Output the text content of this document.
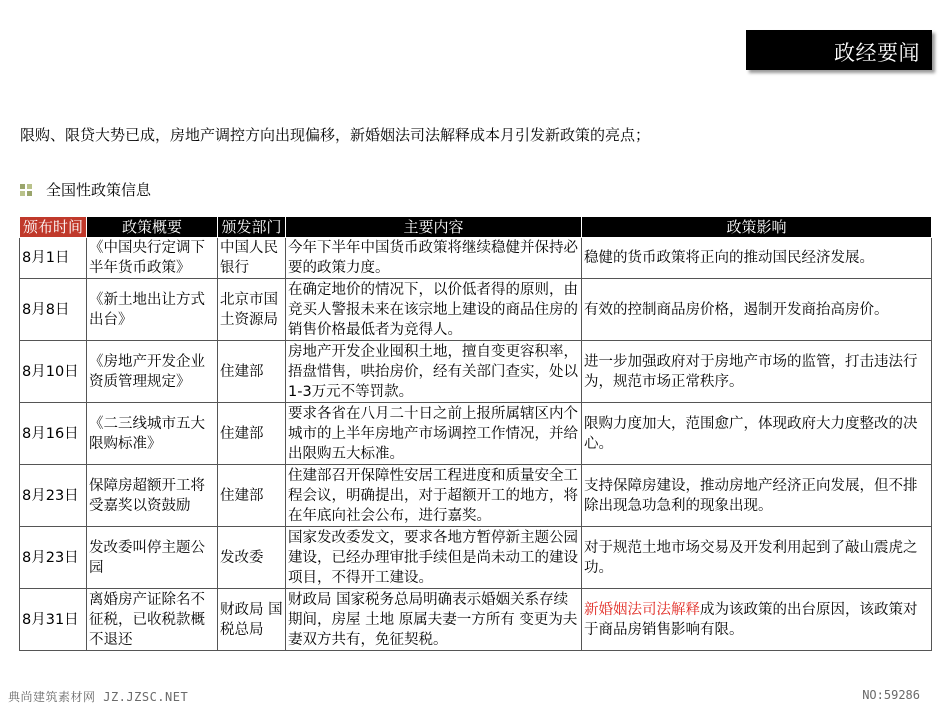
政经要闻
限购、限贷大势已成，房地产调控方向出现偏移，新婚姻法司法解释成本月引发新政策的亮点；
全国性政策信息
颁布时间	政策概要	颁发部门	主要内容	政策影响
8月1日	《中国央行定调下半年货币政策》	中国人民银行	今年下半年中国货币政策将继续稳健并保持必要的政策力度。	稳健的货币政策将正向的推动国民经济发展。
8月8日	《新土地出让方式出台》	北京市国土资源局	在确定地价的情况下，以价低者得的原则，由竞买人警报未来在该宗地上建设的商品住房的销售价格最低者为竞得人。	有效的控制商品房价格，遏制开发商抬高房价。
8月10日	《房地产开发企业资质管理规定》	住建部	房地产开发企业囤积土地，擅自变更容积率，捂盘惜售，哄抬房价，经有关部门查实，处以1-3万元不等罚款。	进一步加强政府对于房地产市场的监管，打击违法行为，规范市场正常秩序。
8月16日	《二三线城市五大限购标准》	住建部	要求各省在八月二十日之前上报所属辖区内个城市的上半年房地产市场调控工作情况，并给出限购五大标准。	限购力度加大，范围愈广，体现政府大力度整改的决心。
8月23日	保障房超额开工将受嘉奖以资鼓励	住建部	住建部召开保障性安居工程进度和质量安全工程会议，明确提出，对于超额开工的地方，将在年底向社会公布，进行嘉奖。	支持保障房建设，推动房地产经济正向发展，但不排除出现急功急利的现象出现。
8月23日	发改委叫停主题公园	发改委	国家发改委发文，要求各地方暂停新主题公园建设，已经办理审批手续但是尚未动工的建设项目，不得开工建设。	对于规范土地市场交易及开发利用起到了敲山震虎之功。
8月31日	离婚房产证除名不征税，已收税款概不退还	财政局 国税总局	财政局 国家税务总局明确表示婚姻关系存续期间，房屋 土地 原属夫妻一方所有 变更为夫妻双方共有，免征契税。	新婚姻法司法解释成为该政策的出台原因，该政策对于商品房销售影响有限。
典尚建筑素材网 JZ.JZSC.NET	NO:59286
